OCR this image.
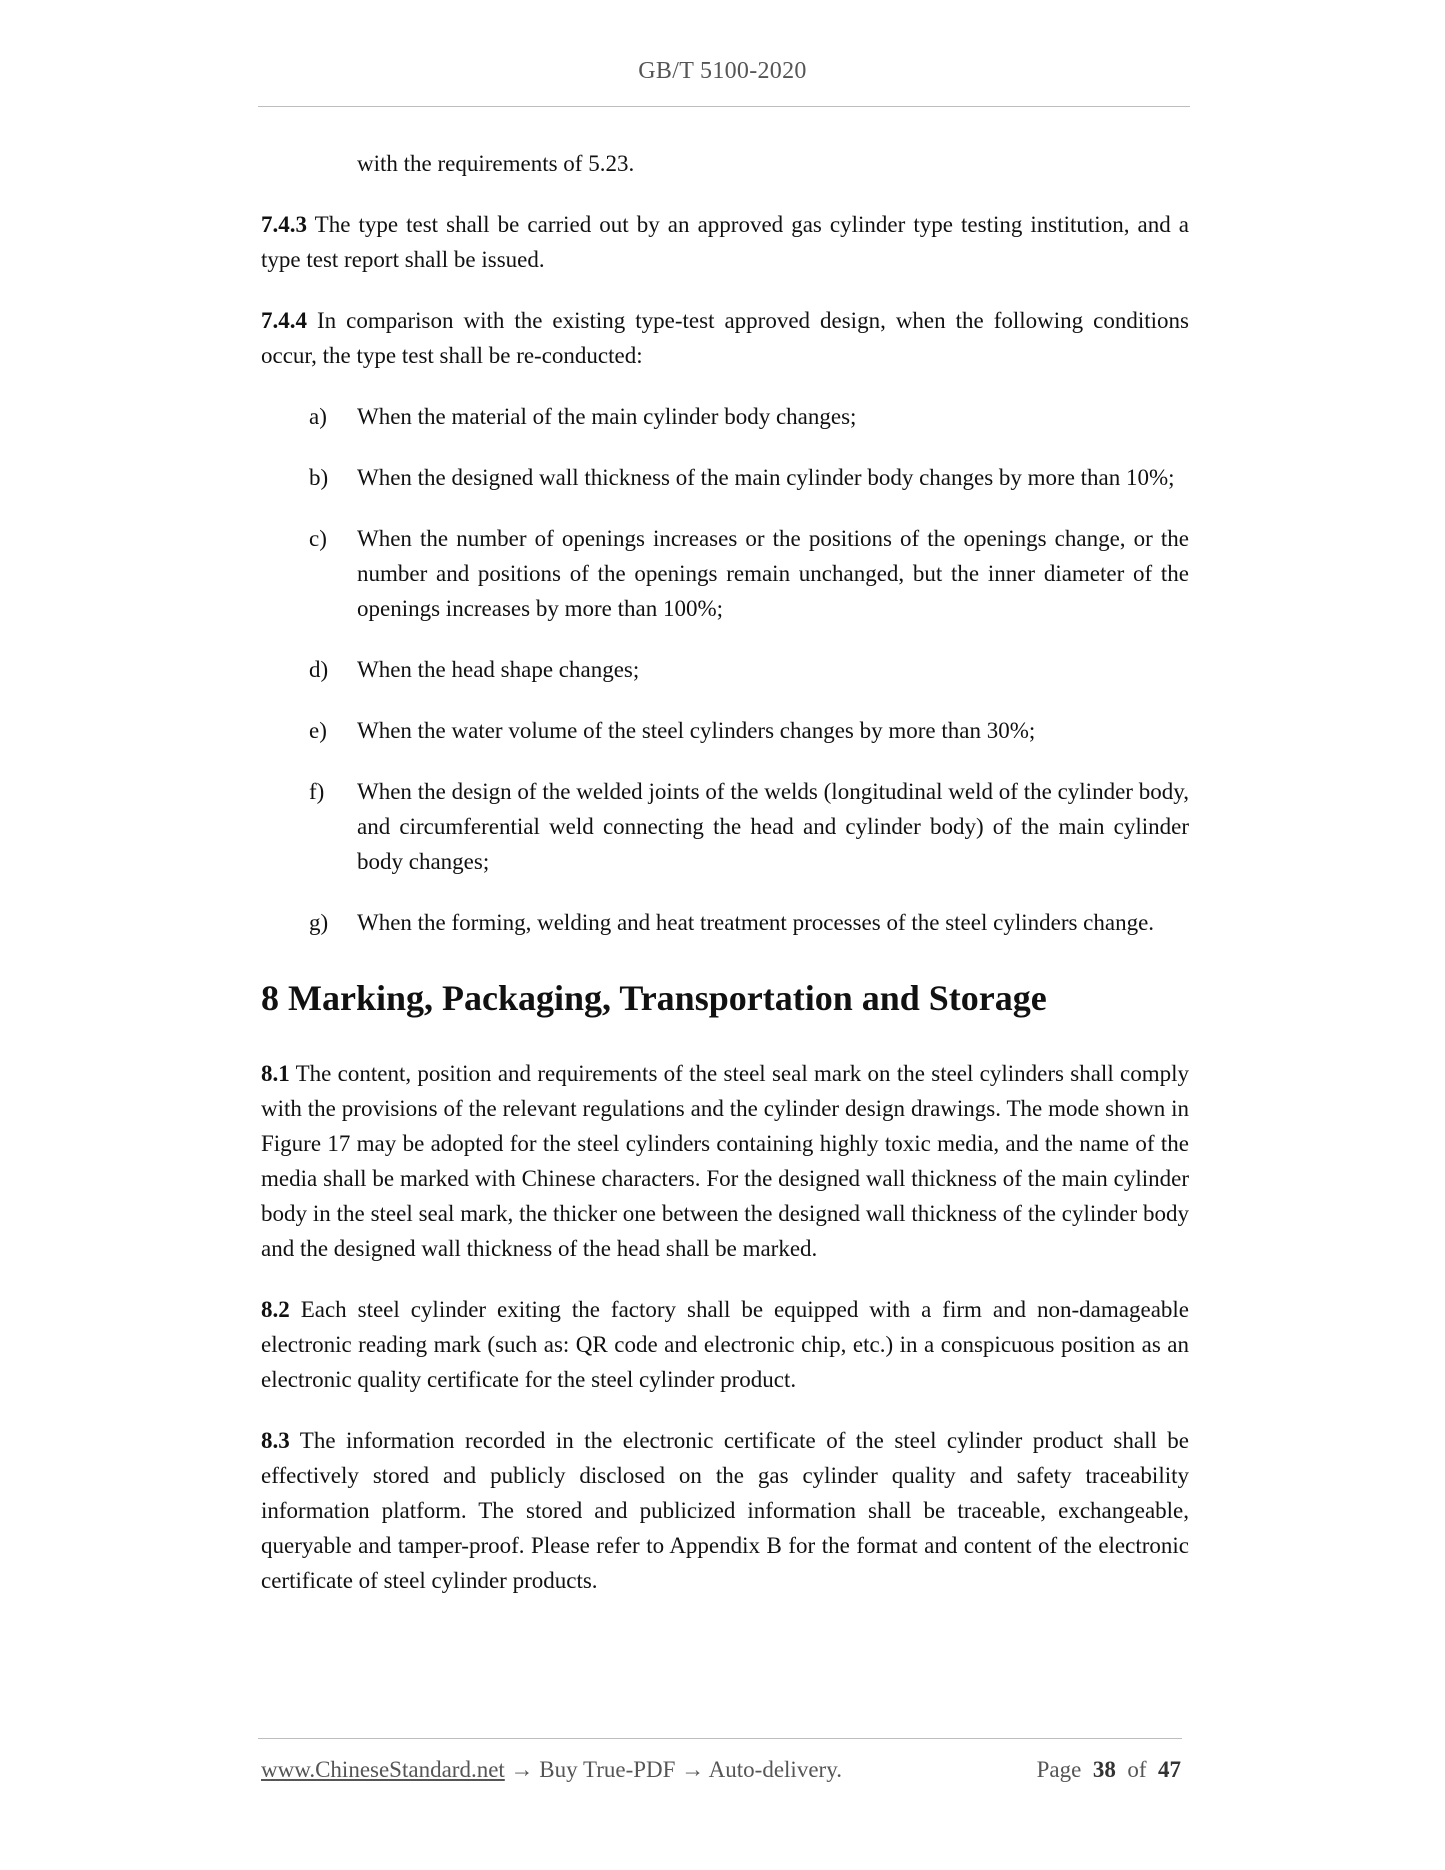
GB/T 5100-2020

with the requirements of 5.23.

7.4.3 The type test shall be carried out by an approved gas cylinder type testing institution, and a type test report shall be issued.

7.4.4 In comparison with the existing type-test approved design, when the following conditions occur, the type test shall be re-conducted:

a) When the material of the main cylinder body changes;
b) When the designed wall thickness of the main cylinder body changes by more than 10%;
c) When the number of openings increases or the positions of the openings change, or the number and positions of the openings remain unchanged, but the inner diameter of the openings increases by more than 100%;
d) When the head shape changes;
e) When the water volume of the steel cylinders changes by more than 30%;
f) When the design of the welded joints of the welds (longitudinal weld of the cylinder body, and circumferential weld connecting the head and cylinder body) of the main cylinder body changes;
g) When the forming, welding and heat treatment processes of the steel cylinders change.
8 Marking, Packaging, Transportation and Storage

8.1 The content, position and requirements of the steel seal mark on the steel cylinders shall comply with the provisions of the relevant regulations and the cylinder design drawings. The mode shown in Figure 17 may be adopted for the steel cylinders containing highly toxic media, and the name of the media shall be marked with Chinese characters. For the designed wall thickness of the main cylinder body in the steel seal mark, the thicker one between the designed wall thickness of the cylinder body and the designed wall thickness of the head shall be marked.

8.2 Each steel cylinder exiting the factory shall be equipped with a firm and non-damageable electronic reading mark (such as: QR code and electronic chip, etc.) in a conspicuous position as an electronic quality certificate for the steel cylinder product.

8.3 The information recorded in the electronic certificate of the steel cylinder product shall be effectively stored and publicly disclosed on the gas cylinder quality and safety traceability information platform. The stored and publicized information shall be traceable, exchangeable, queryable and tamper-proof. Please refer to Appendix B for the format and content of the electronic certificate of steel cylinder products.

www.ChineseStandard.net → Buy True-PDF → Auto-delivery.	Page 38 of 47
